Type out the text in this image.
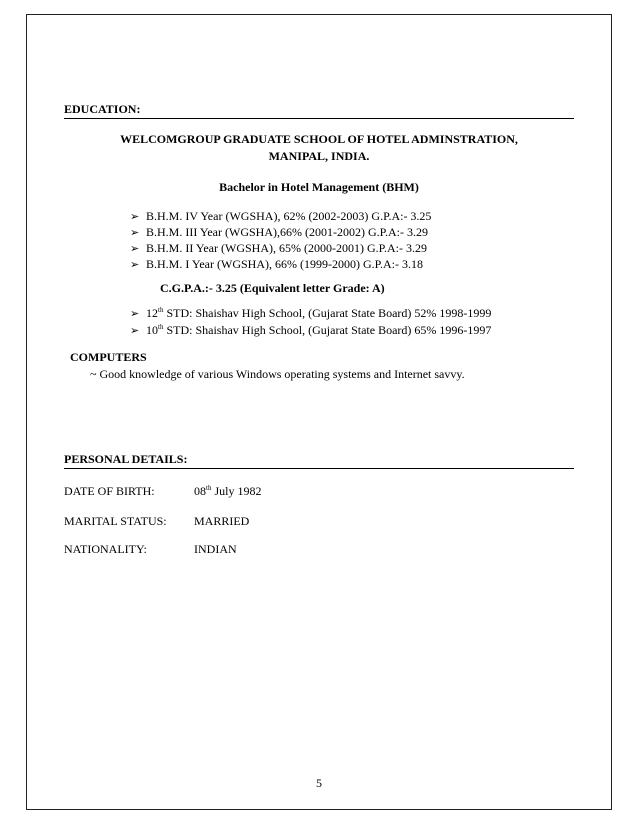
EDUCATION:
WELCOMGROUP GRADUATE SCHOOL OF HOTEL ADMINSTRATION,
MANIPAL, INDIA.
Bachelor in Hotel Management (BHM)
➢ B.H.M. IV Year (WGSHA), 62% (2002-2003) G.P.A:- 3.25
➢ B.H.M. III Year (WGSHA),66% (2001-2002) G.P.A:- 3.29
➢ B.H.M. II Year (WGSHA), 65% (2000-2001) G.P.A:- 3.29
➢ B.H.M. I Year (WGSHA), 66% (1999-2000) G.P.A:- 3.18
C.G.P.A.:- 3.25 (Equivalent letter Grade: A)
➢ 12th STD: Shaishav High School, (Gujarat State Board) 52% 1998-1999
➢ 10th STD: Shaishav High School, (Gujarat State Board) 65% 1996-1997
COMPUTERS
~ Good knowledge of various Windows operating systems and Internet savvy.
PERSONAL DETAILS:
DATE OF BIRTH:	08th July 1982
MARITAL STATUS: MARRIED
NATIONALITY:	INDIAN
5
